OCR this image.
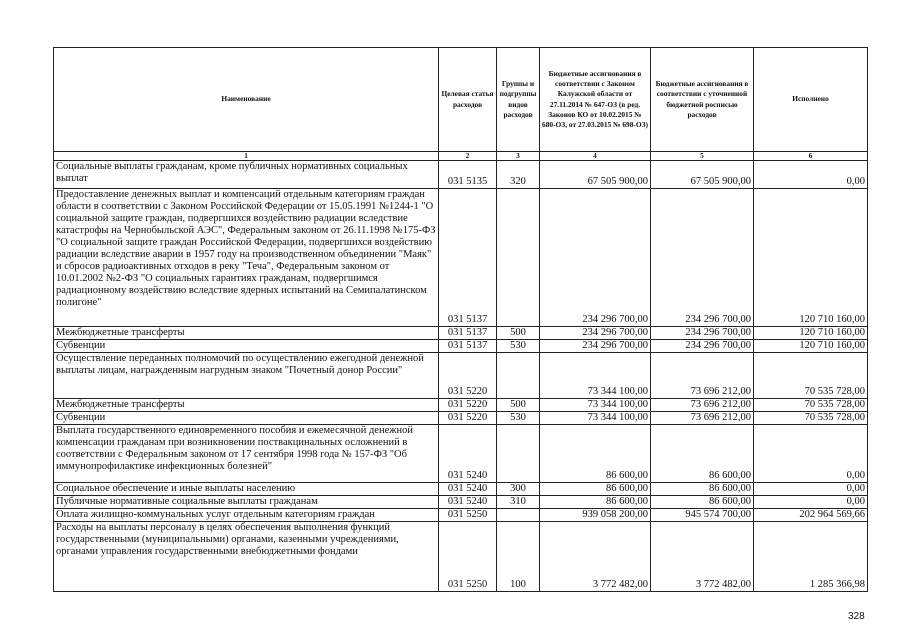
Наименование	Целевая статья расходов	Группы и подгруппы видов расходов	Бюджетные ассигнования в соответствии с Законом Калужской области от 27.11.2014 № 647-ОЗ (в ред. Законов КО от 10.02.2015 № 680-ОЗ, от 27.03.2015 № 698-ОЗ)	Бюджетные ассигнования в соответствии с уточненной бюджетной росписью расходов	Исполнено
1	2	3	4	5	6
Социальные выплаты гражданам, кроме публичных нормативных социальных выплат	031 5135	320	67 505 900,00	67 505 900,00	0,00
Предоставление денежных выплат и компенсаций отдельным категориям граждан области в соответствии с Законом Российской Федерации от 15.05.1991 №1244-1 "О социальной защите граждан, подвергшихся воздействию радиации вследствие катастрофы на Чернобыльской АЭС", Федеральным законом от 26.11.1998 №175-ФЗ "О социальной защите граждан Российской Федерации, подвергшихся воздействию радиации вследствие аварии в 1957 году на производственном объединении "Маяк" и сбросов радиоактивных отходов в реку "Теча", Федеральным законом от 10.01.2002 №2-ФЗ "О социальных гарантиях гражданам, подвергшимся радиационному воздействию вследствие ядерных испытаний на Семипалатинском полигоне"	031 5137		234 296 700,00	234 296 700,00	120 710 160,00
Межбюджетные трансферты	031 5137	500	234 296 700,00	234 296 700,00	120 710 160,00
Субвенции	031 5137	530	234 296 700,00	234 296 700,00	120 710 160,00
Осуществление переданных полномочий по осуществлению ежегодной денежной выплаты лицам, награжденным нагрудным знаком "Почетный донор России"	031 5220		73 344 100,00	73 696 212,00	70 535 728,00
Межбюджетные трансферты	031 5220	500	73 344 100,00	73 696 212,00	70 535 728,00
Субвенции	031 5220	530	73 344 100,00	73 696 212,00	70 535 728,00
Выплата государственного единовременного пособия и ежемесячной денежной компенсации гражданам при возникновении поствакцинальных осложнений в соответствии с Федеральным законом от 17 сентября 1998 года № 157-ФЗ "Об иммунопрофилактике инфекционных болезней"	031 5240		86 600,00	86 600,00	0,00
Социальное обеспечение и иные выплаты населению	031 5240	300	86 600,00	86 600,00	0,00
Публичные нормативные социальные выплаты гражданам	031 5240	310	86 600,00	86 600,00	0,00
Оплата жилищно-коммунальных услуг отдельным категориям граждан	031 5250		939 058 200,00	945 574 700,00	202 964 569,66
Расходы на выплаты персоналу в целях обеспечения выполнения функций государственными (муниципальными) органами, казенными учреждениями, органами управления государственными внебюджетными фондами	031 5250	100	3 772 482,00	3 772 482,00	1 285 366,98
328
